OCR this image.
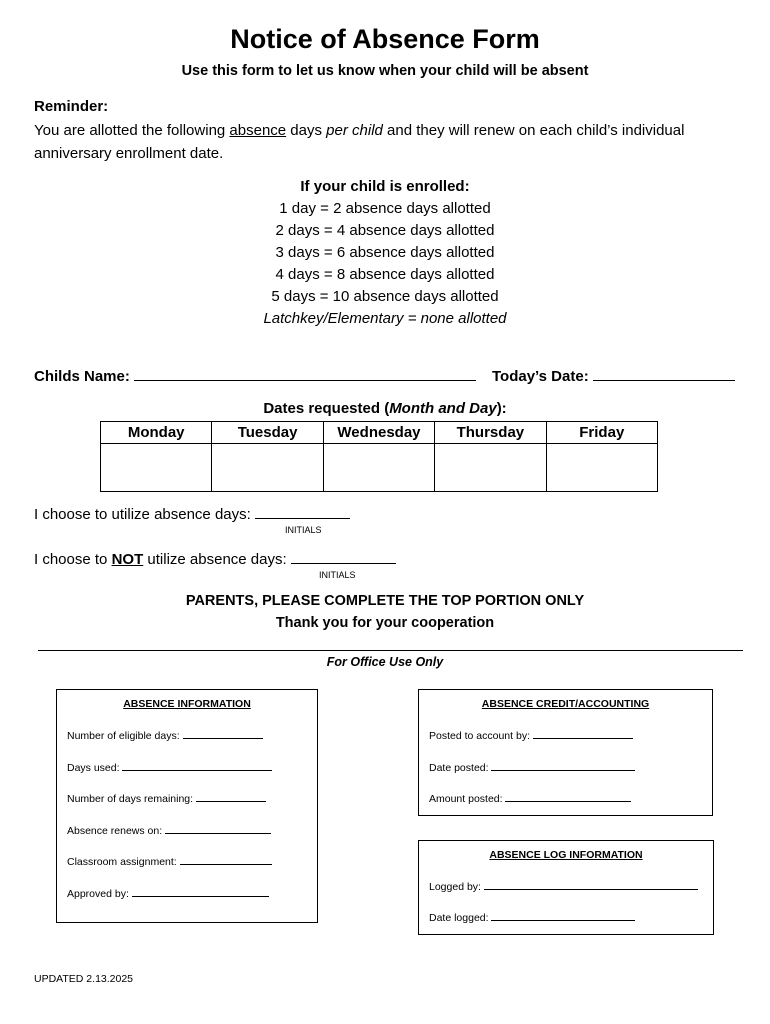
Notice of Absence Form
Use this form to let us know when your child will be absent
Reminder:
You are allotted the following absence days per child and they will renew on each child’s individual anniversary enrollment date.
If your child is enrolled:
1 day = 2 absence days allotted
2 days = 4 absence days allotted
3 days = 6 absence days allotted
4 days = 8 absence days allotted
5 days = 10 absence days allotted
Latchkey/Elementary = none allotted
Childs Name:	Today’s Date:
Dates requested (Month and Day):
Monday	Tuesday	Wednesday	Thursday	Friday

I choose to utilize absence days:
INITIALS
I choose to NOT utilize absence days:
INITIALS
PARENTS, PLEASE COMPLETE THE TOP PORTION ONLY
Thank you for your cooperation
For Office Use Only
ABSENCE INFORMATION
Number of eligible days:
Days used:
Number of days remaining:
Absence renews on:
Classroom assignment:
Approved by:
ABSENCE CREDIT/ACCOUNTING
Posted to account by:
Date posted:
Amount posted:
ABSENCE LOG INFORMATION
Logged by:
Date logged:
UPDATED 2.13.2025
